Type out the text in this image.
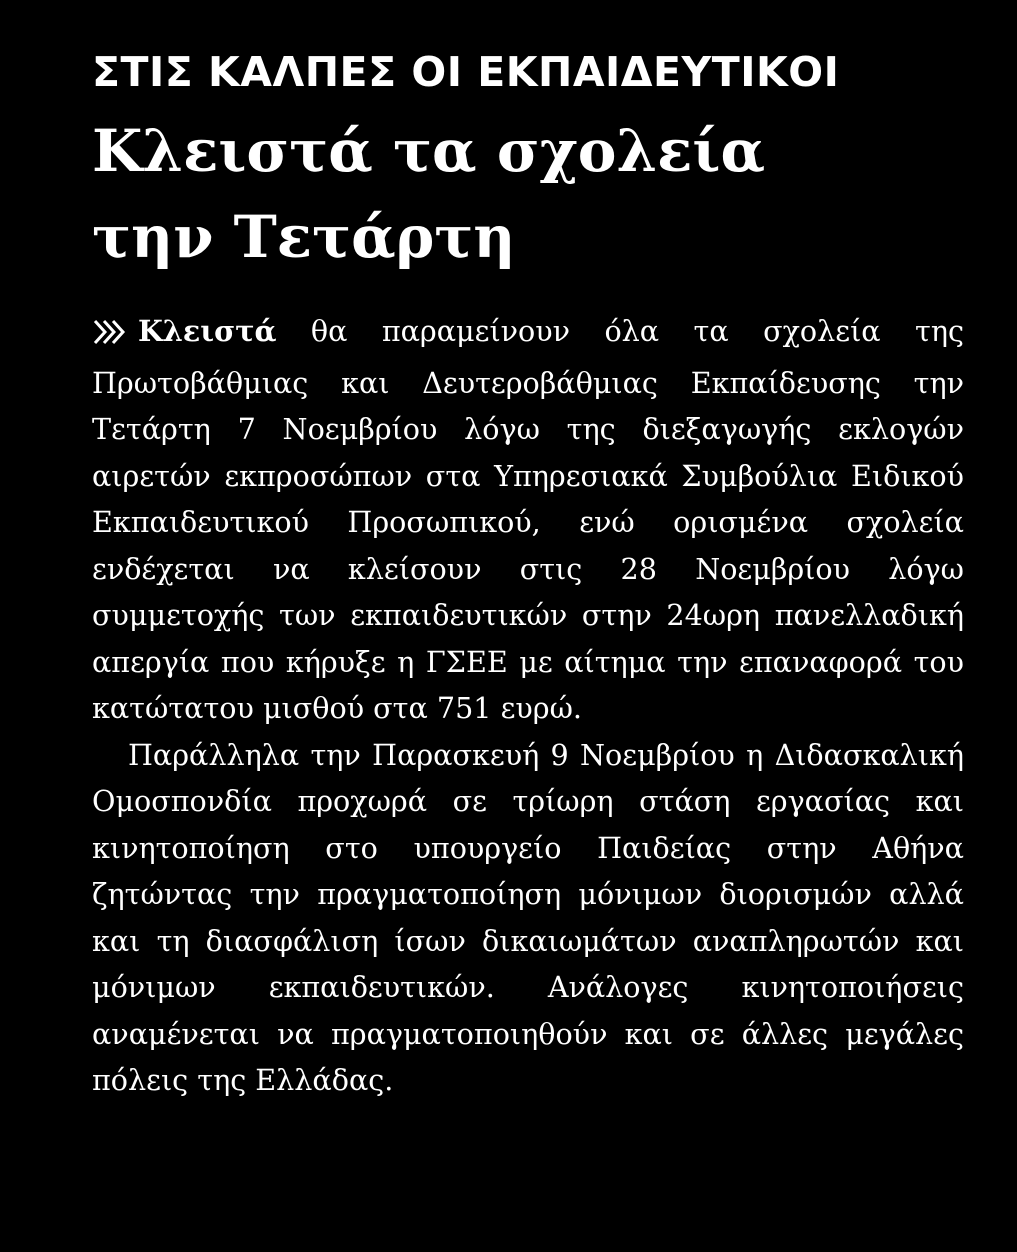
ΣΤΙΣ ΚΑΛΠΕΣ ΟΙ ΕΚΠΑΙΔΕΥΤΙΚΟΙ
Κλειστά τα σχολεία
την Τετάρτη

Κλειστά θα παραμείνουν όλα τα σχολεία της Πρωτοβάθμιας και Δευτεροβάθμιας Εκπαίδευσης την Τετάρτη 7 Νοεμβρίου λόγω της διεξαγωγής εκλογών αιρετών εκπροσώπων στα Υπηρεσιακά Συμβούλια Ειδικού Εκπαιδευτικού Προσωπικού, ενώ ορισμένα σχολεία ενδέχεται να κλείσουν στις 28 Νοεμβρίου λόγω συμμετοχής των εκπαιδευτικών στην 24ωρη πανελλαδική απεργία που κήρυξε η ΓΣΕΕ με αίτημα την επαναφορά του κατώτατου μισθού στα 751 ευρώ.

Παράλληλα την Παρασκευή 9 Νοεμβρίου η Διδασκαλική Ομοσπονδία προχωρά σε τρίωρη στάση εργασίας και κινητοποίηση στο υπουργείο Παιδείας στην Αθήνα ζητώντας την πραγματοποίηση μόνιμων διορισμών αλλά και τη διασφάλιση ίσων δικαιωμάτων αναπληρωτών και μόνιμων εκπαιδευτικών. Ανάλογες κινητοποιήσεις αναμένεται να πραγματοποιηθούν και σε άλλες μεγάλες πόλεις της Ελλάδας.
